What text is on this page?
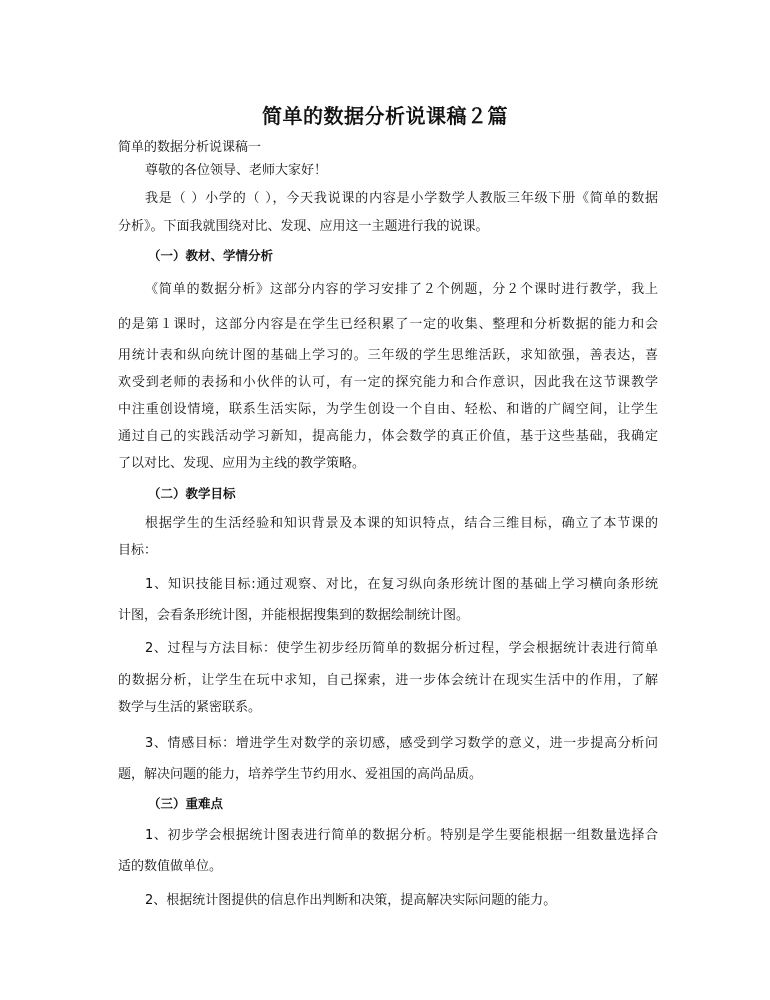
简单的数据分析说课稿２篇
简单的数据分析说课稿一
尊敬的各位领导、老师大家好！
我是（ ）小学的（ ），今天我说课的内容是小学数学人教版三年级下册《简单的数据
分析》。下面我就围绕对比、发现、应用这一主题进行我的说课。
（一）教材、学情分析
《简单的数据分析》这部分内容的学习安排了２个例题，分２个课时进行教学，我上
的是第１课时，这部分内容是在学生已经积累了一定的收集、整理和分析数据的能力和会
用统计表和纵向统计图的基础上学习的。三年级的学生思维活跃，求知欲强，善表达，喜
欢受到老师的表扬和小伙伴的认可，有一定的探究能力和合作意识，因此我在这节课教学
中注重创设情境，联系生活实际，为学生创设一个自由、轻松、和谐的广阔空间，让学生
通过自己的实践活动学习新知，提高能力，体会数学的真正价值，基于这些基础，我确定
了以对比、发现、应用为主线的教学策略。
（二）教学目标
根据学生的生活经验和知识背景及本课的知识特点，结合三维目标，确立了本节课的
目标：
1、知识技能目标:通过观察、对比，在复习纵向条形统计图的基础上学习横向条形统
计图，会看条形统计图，并能根据搜集到的数据绘制统计图。
2、过程与方法目标：使学生初步经历简单的数据分析过程，学会根据统计表进行简单
的数据分析，让学生在玩中求知，自己探索，进一步体会统计在现实生活中的作用，了解
数学与生活的紧密联系。
3、情感目标：增进学生对数学的亲切感，感受到学习数学的意义，进一步提高分析问
题，解决问题的能力，培养学生节约用水、爱祖国的高尚品质。
（三）重难点
1、初步学会根据统计图表进行简单的数据分析。特别是学生要能根据一组数量选择合
适的数值做单位。
2、根据统计图提供的信息作出判断和决策，提高解决实际问题的能力。
